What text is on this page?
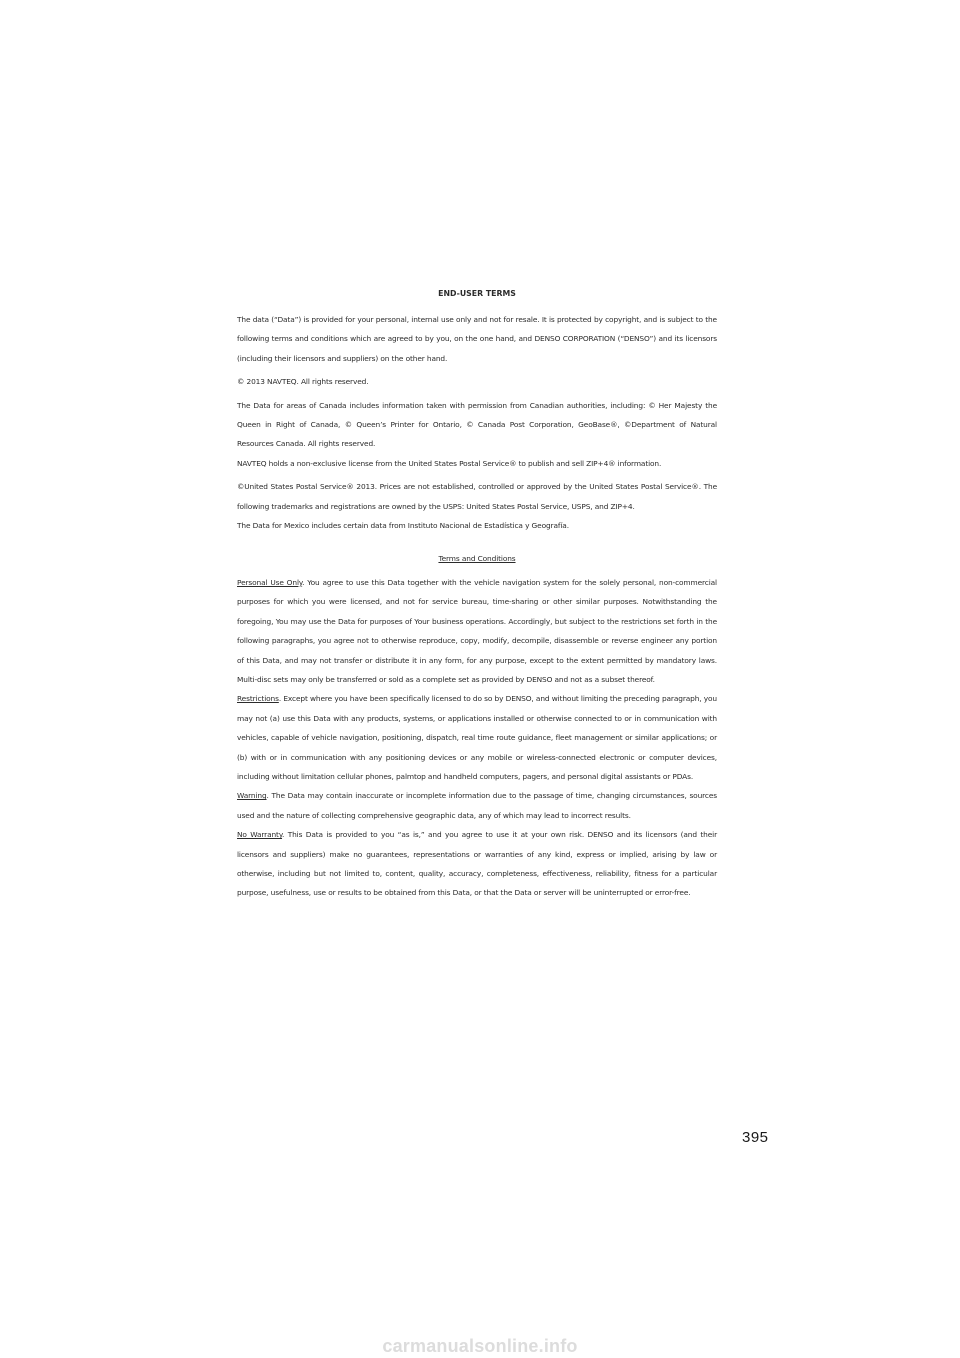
END-USER TERMS

The data (“Data”) is provided for your personal, internal use only and not for resale. It is protected by copyright, and is subject to the following terms and conditions which are agreed to by you, on the one hand, and DENSO CORPORATION (“DENSO”) and its licensors (including their licensors and suppliers) on the other hand.

© 2013 NAVTEQ. All rights reserved.

The Data for areas of Canada includes information taken with permission from Canadian authorities, including: © Her Majesty the Queen in Right of Canada, © Queen’s Printer for Ontario, © Canada Post Corporation, GeoBase®, ©Department of Natural Resources Canada. All rights reserved.

NAVTEQ holds a non-exclusive license from the United States Postal Service® to publish and sell ZIP+4® information.

©United States Postal Service® 2013. Prices are not established, controlled or approved by the United States Postal Service®. The following trademarks and registrations are owned by the USPS: United States Postal Service, USPS, and ZIP+4.

The Data for Mexico includes certain data from Instituto Nacional de Estadística y Geografía.

Terms and Conditions

Personal Use Only. You agree to use this Data together with the vehicle navigation system for the solely personal, non-commercial purposes for which you were licensed, and not for service bureau, time-sharing or other similar purposes. Notwithstanding the foregoing, You may use the Data for purposes of Your business operations. Accordingly, but subject to the restrictions set forth in the following paragraphs, you agree not to otherwise reproduce, copy, modify, decompile, disassemble or reverse engineer any portion of this Data, and may not transfer or distribute it in any form, for any purpose, except to the extent permitted by mandatory laws. Multi-disc sets may only be transferred or sold as a complete set as provided by DENSO and not as a subset thereof.

Restrictions. Except where you have been specifically licensed to do so by DENSO, and without limiting the preceding paragraph, you may not (a) use this Data with any products, systems, or applications installed or otherwise connected to or in communication with vehicles, capable of vehicle navigation, positioning, dispatch, real time route guidance, fleet management or similar applications; or (b) with or in communication with any positioning devices or any mobile or wireless-connected electronic or computer devices, including without limitation cellular phones, palmtop and handheld computers, pagers, and personal digital assistants or PDAs.

Warning. The Data may contain inaccurate or incomplete information due to the passage of time, changing circumstances, sources used and the nature of collecting comprehensive geographic data, any of which may lead to incorrect results.

No Warranty. This Data is provided to you “as is,” and you agree to use it at your own risk. DENSO and its licensors (and their licensors and suppliers) make no guarantees, representations or warranties of any kind, express or implied, arising by law or otherwise, including but not limited to, content, quality, accuracy, completeness, effectiveness, reliability, fitness for a particular purpose, usefulness, use or results to be obtained from this Data, or that the Data or server will be uninterrupted or error-free.

395
carmanualsonline.info
